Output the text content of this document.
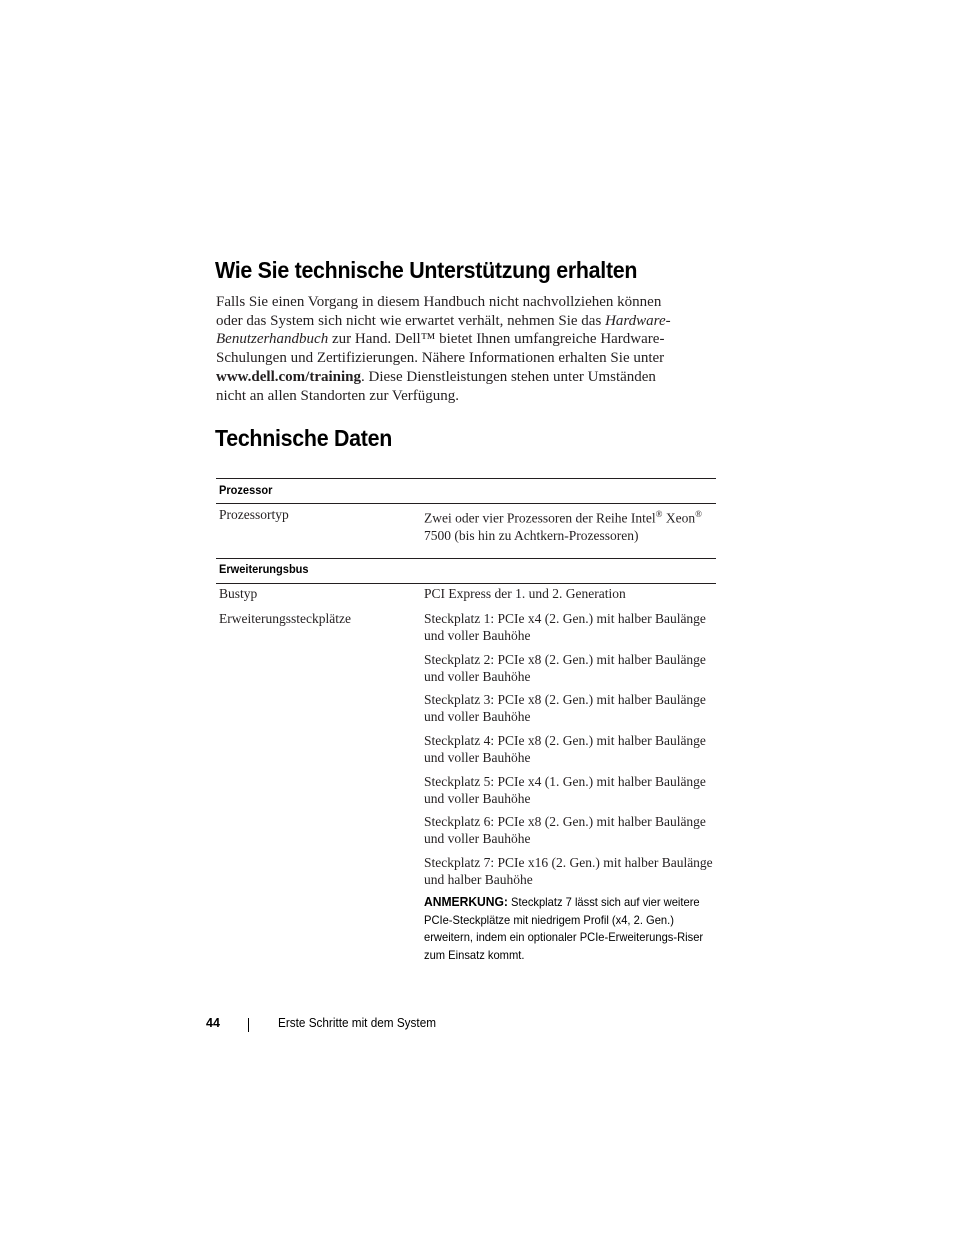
Wie Sie technische Unterstützung erhalten

Falls Sie einen Vorgang in diesem Handbuch nicht nachvollziehen können oder das System sich nicht wie erwartet verhält, nehmen Sie das Hardware-Benutzerhandbuch zur Hand. Dell™ bietet Ihnen umfangreiche Hardware-Schulungen und Zertifizierungen. Nähere Informationen erhalten Sie unter www.dell.com/training. Diese Dienstleistungen stehen unter Umständen nicht an allen Standorten zur Verfügung.

Technische Daten
Prozessor
Prozessortyp	Zwei oder vier Prozessoren der Reihe Intel® Xeon®
7500 (bis hin zu Achtkern-Prozessoren)
Erweiterungsbus
Bustyp	PCI Express der 1. und 2. Generation
Erweiterungssteckplätze	Steckplatz 1: PCIe x4 (2. Gen.) mit halber Baulänge und voller Bauhöhe
Steckplatz 2: PCIe x8 (2. Gen.) mit halber Baulänge und voller Bauhöhe
Steckplatz 3: PCIe x8 (2. Gen.) mit halber Baulänge und voller Bauhöhe
Steckplatz 4: PCIe x8 (2. Gen.) mit halber Baulänge und voller Bauhöhe
Steckplatz 5: PCIe x4 (1. Gen.) mit halber Baulänge und voller Bauhöhe
Steckplatz 6: PCIe x8 (2. Gen.) mit halber Baulänge und voller Bauhöhe
Steckplatz 7: PCIe x16 (2. Gen.) mit halber Baulänge und halber Bauhöhe
ANMERKUNG: Steckplatz 7 lässt sich auf vier weitere PCIe-Steckplätze mit niedrigem Profil (x4, 2. Gen.) erweitern, indem ein optionaler PCIe-Erweiterungs-Riser zum Einsatz kommt.
44	Erste Schritte mit dem System
